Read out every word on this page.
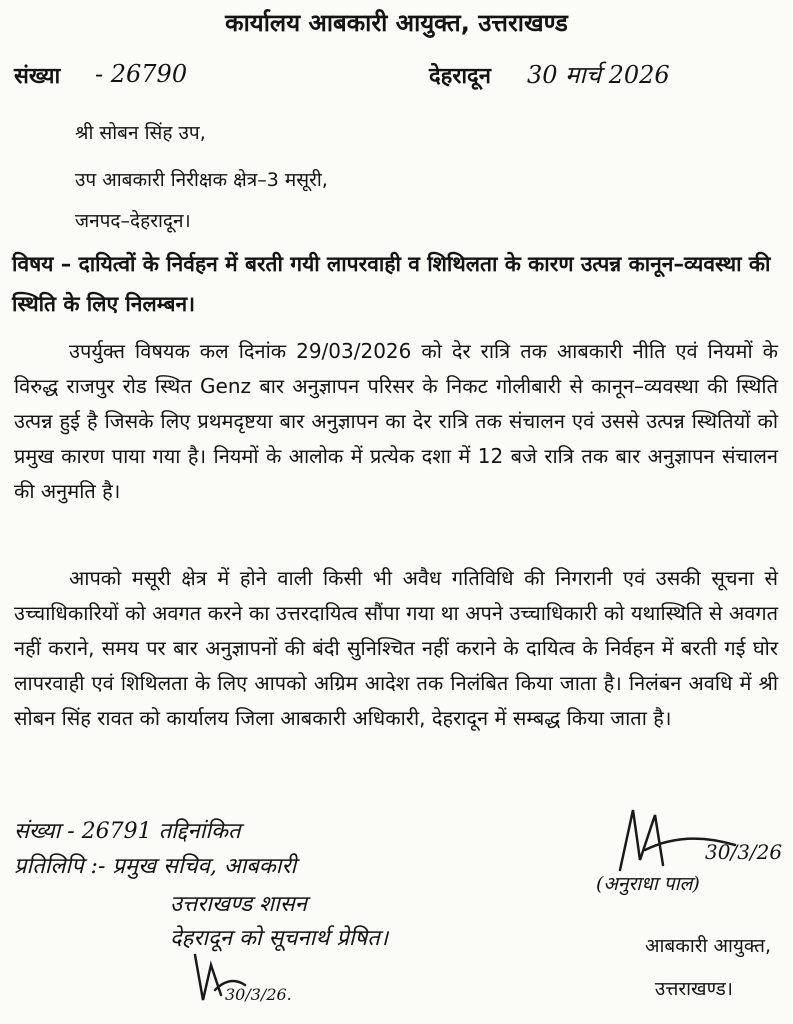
कार्यालय आबकारी आयुक्त, उत्तराखण्ड
संख्या - 26790	देहरादून 30 मार्च 2026
श्री सोबन सिंह उप,
उप आबकारी निरीक्षक क्षेत्र–3 मसूरी,
जनपद–देहरादून।
विषय – दायित्वों के निर्वहन में बरती गयी लापरवाही व शिथिलता के कारण उत्पन्न कानून–व्यवस्था की स्थिति के लिए निलम्बन।
उपर्युक्त विषयक कल दिनांक 29/03/2026 को देर रात्रि तक आबकारी नीति एवं नियमों के विरुद्ध राजपुर रोड स्थित Genz बार अनुज्ञापन परिसर के निकट गोलीबारी से कानून–व्यवस्था की स्थिति उत्पन्न हुई है जिसके लिए प्रथमदृष्टया बार अनुज्ञापन का देर रात्रि तक संचालन एवं उससे उत्पन्न स्थितियों को प्रमुख कारण पाया गया है। नियमों के आलोक में प्रत्येक दशा में 12 बजे रात्रि तक बार अनुज्ञापन संचालन की अनुमति है।
आपको मसूरी क्षेत्र में होने वाली किसी भी अवैध गतिविधि की निगरानी एवं उसकी सूचना से उच्चाधिकारियों को अवगत करने का उत्तरदायित्व सौंपा गया था अपने उच्चाधिकारी को यथास्थिति से अवगत नहीं कराने, समय पर बार अनुज्ञापनों की बंदी सुनिश्चित नहीं कराने के दायित्व के निर्वहन में बरती गई घोर लापरवाही एवं शिथिलता के लिए आपको अग्रिम आदेश तक निलंबित किया जाता है। निलंबन अवधि में श्री सोबन सिंह रावत को कार्यालय जिला आबकारी अधिकारी, देहरादून में सम्बद्ध किया जाता है।
संख्या - 26791 तद्दिनांकित
प्रतिलिपि :- प्रमुख सचिव, आबकारी
उत्तराखण्ड शासन
देहरादून को सूचनार्थ प्रेषित।
30/3/26.
30/3/26
(अनुराधा पाल)
आबकारी आयुक्त,
उत्तराखण्ड।
